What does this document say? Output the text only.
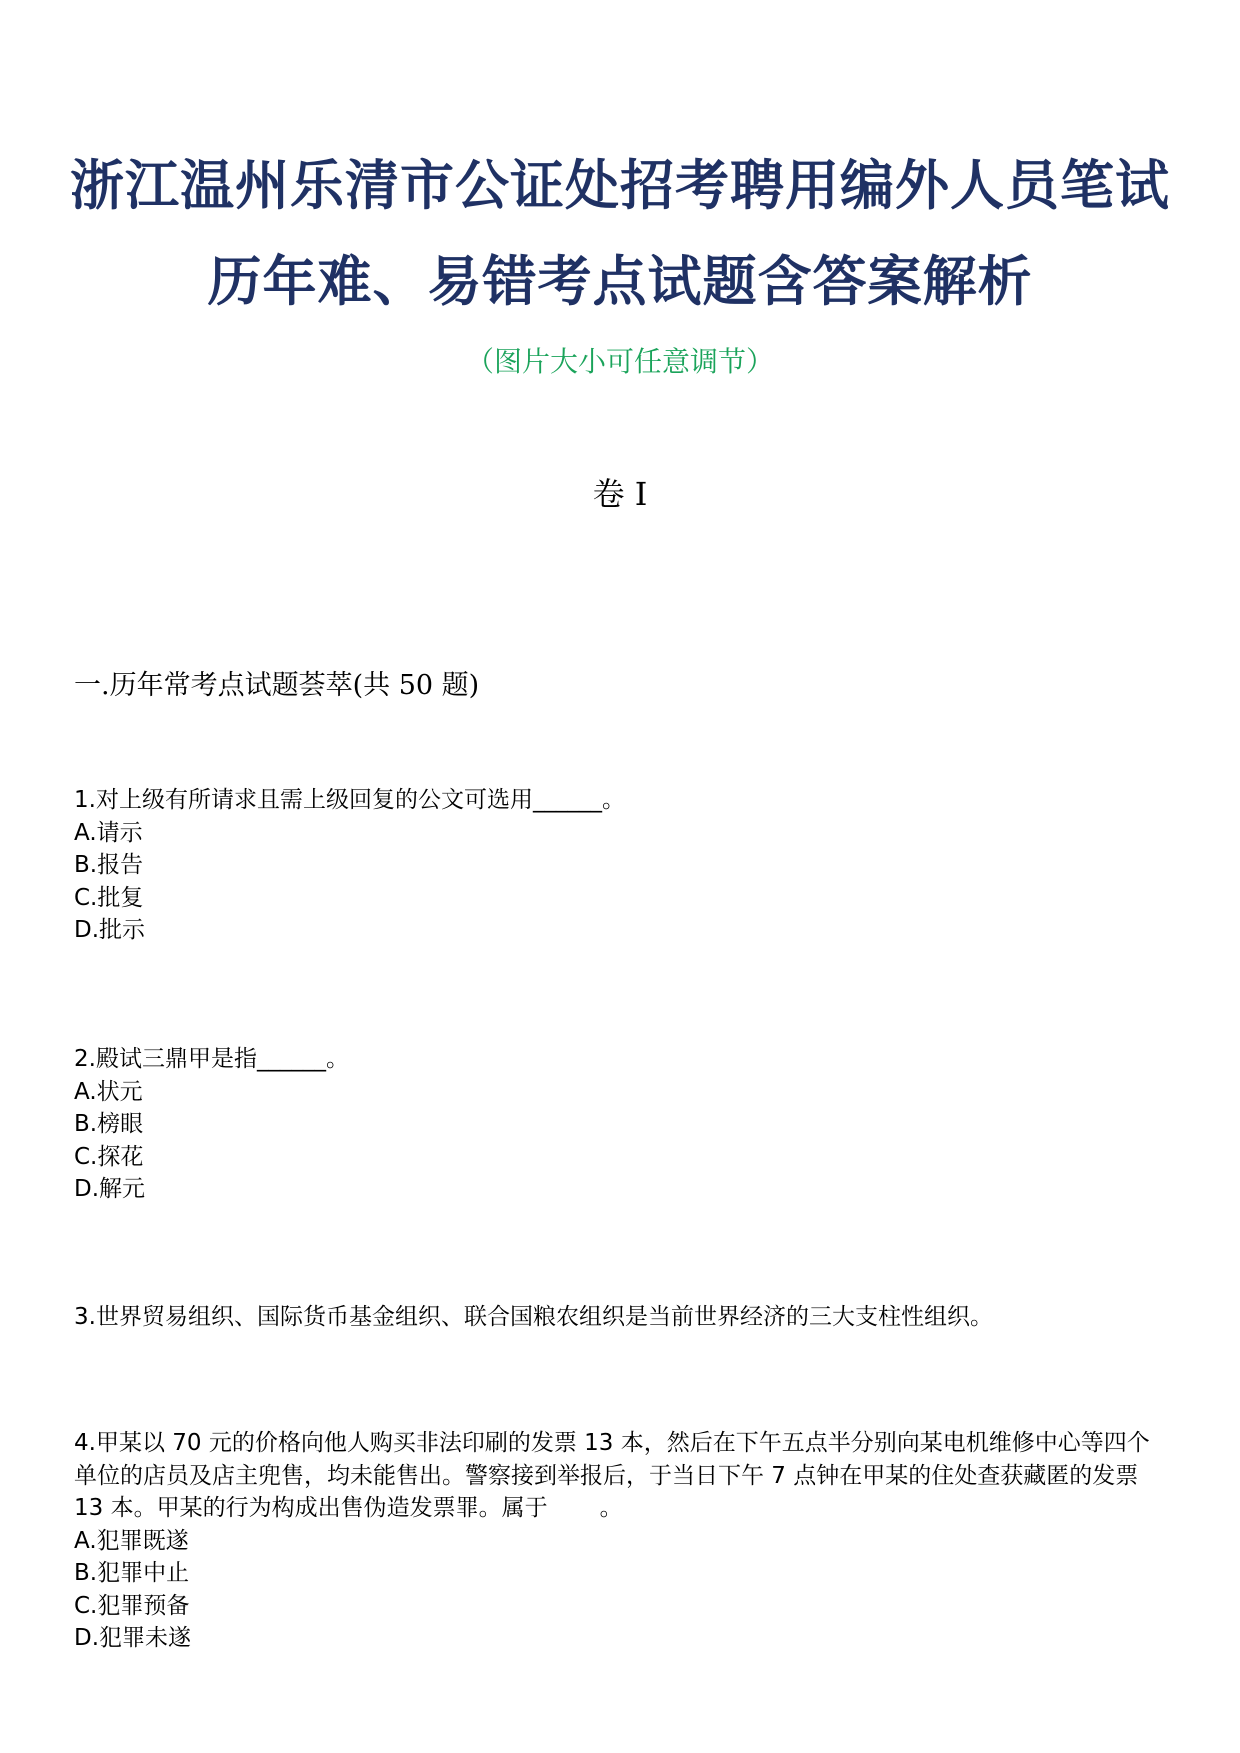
浙江温州乐清市公证处招考聘用编外人员笔试
历年难、易错考点试题含答案解析
（图片大小可任意调节）
卷 I
一.历年常考点试题荟萃(共 50 题)

1.对上级有所请求且需上级回复的公文可选用______。

A.请示
B.报告
C.批复
D.批示

2.殿试三鼎甲是指______。

A.状元
B.榜眼
C.探花
D.解元

3.世界贸易组织、国际货币基金组织、联合国粮农组织是当前世界经济的三大支柱性组织。

4.甲某以 70 元的价格向他人购买非法印刷的发票 13 本，然后在下午五点半分别向某电机维修中心等四个单位的店员及店主兜售，均未能售出。警察接到举报后，于当日下午 7 点钟在甲某的住处查获藏匿的发票 13 本。甲某的行为构成出售伪造发票罪。属于 。

A.犯罪既遂
B.犯罪中止
C.犯罪预备
D.犯罪未遂
